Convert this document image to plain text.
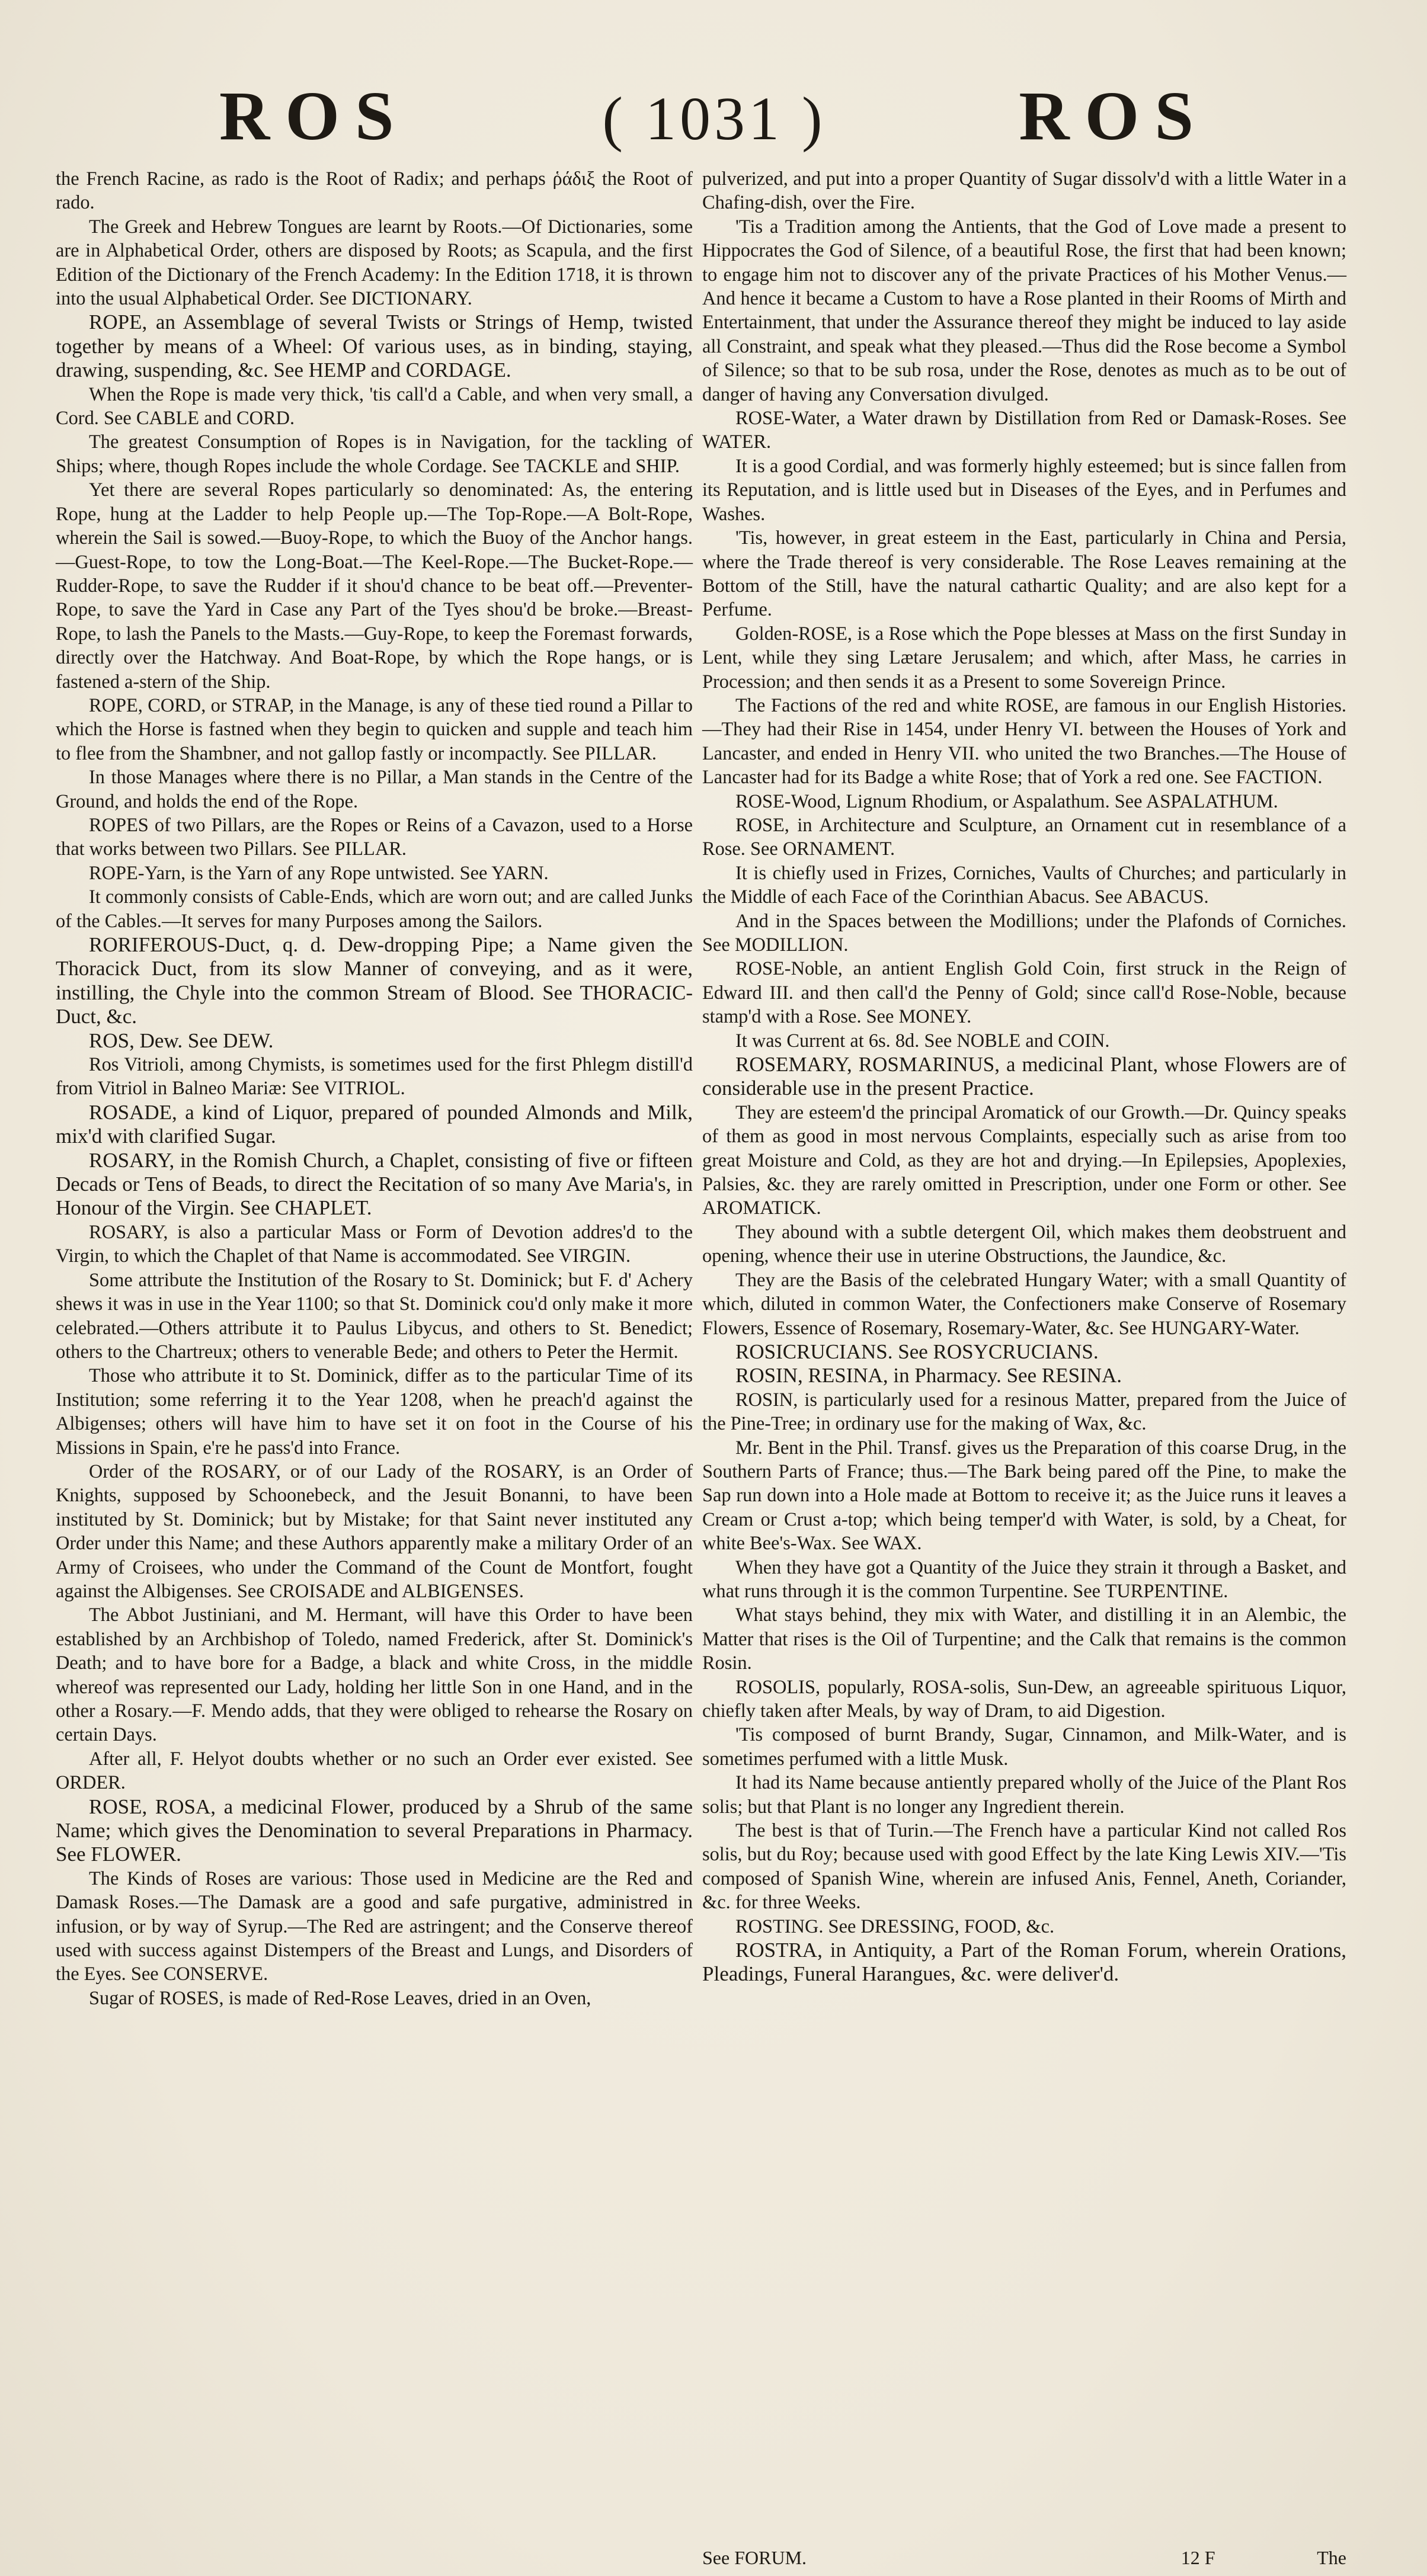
ROS	( 1031 )	ROS

the French Racine, as rado is the Root of Radix; and perhaps ῥάδιξ the Root of rado.

The Greek and Hebrew Tongues are learnt by Roots.—Of Dictionaries, some are in Alphabetical Order, others are disposed by Roots; as Scapula, and the first Edition of the Dictionary of the French Academy: In the Edition 1718, it is thrown into the usual Alphabetical Order. See DICTIONARY.

ROPE, an Assemblage of several Twists or Strings of Hemp, twisted together by means of a Wheel: Of various uses, as in binding, staying, drawing, suspending, &c. See HEMP and CORDAGE.

When the Rope is made very thick, 'tis call'd a Cable, and when very small, a Cord. See CABLE and CORD.

The greatest Consumption of Ropes is in Navigation, for the tackling of Ships; where, though Ropes include the whole Cordage. See TACKLE and SHIP.

Yet there are several Ropes particularly so denominated: As, the entering Rope, hung at the Ladder to help People up.—The Top-Rope.—A Bolt-Rope, wherein the Sail is sowed.—Buoy-Rope, to which the Buoy of the Anchor hangs.—Guest-Rope, to tow the Long-Boat.—The Keel-Rope.—The Bucket-Rope.—Rudder-Rope, to save the Rudder if it shou'd chance to be beat off.—Preventer-Rope, to save the Yard in Case any Part of the Tyes shou'd be broke.—Breast-Rope, to lash the Panels to the Masts.—Guy-Rope, to keep the Foremast forwards, directly over the Hatchway. And Boat-Rope, by which the Rope hangs, or is fastened a-stern of the Ship.

ROPE, CORD, or STRAP, in the Manage, is any of these tied round a Pillar to which the Horse is fastned when they begin to quicken and supple and teach him to flee from the Shambner, and not gallop fastly or incompactly. See PILLAR.

In those Manages where there is no Pillar, a Man stands in the Centre of the Ground, and holds the end of the Rope.

ROPES of two Pillars, are the Ropes or Reins of a Cavazon, used to a Horse that works between two Pillars. See PILLAR.

ROPE-Yarn, is the Yarn of any Rope untwisted. See YARN.

It commonly consists of Cable-Ends, which are worn out; and are called Junks of the Cables.—It serves for many Purposes among the Sailors.

RORIFEROUS-Duct, q. d. Dew-dropping Pipe; a Name given the Thoracick Duct, from its slow Manner of conveying, and as it were, instilling, the Chyle into the common Stream of Blood. See THORACIC-Duct, &c.

ROS, Dew. See DEW.

Ros Vitrioli, among Chymists, is sometimes used for the first Phlegm distill'd from Vitriol in Balneo Mariæ: See VITRIOL.

ROSADE, a kind of Liquor, prepared of pounded Almonds and Milk, mix'd with clarified Sugar.

ROSARY, in the Romish Church, a Chaplet, consisting of five or fifteen Decads or Tens of Beads, to direct the Recitation of so many Ave Maria's, in Honour of the Virgin. See CHAPLET.

ROSARY, is also a particular Mass or Form of Devotion addres'd to the Virgin, to which the Chaplet of that Name is accommodated. See VIRGIN.

Some attribute the Institution of the Rosary to St. Dominick; but F. d' Achery shews it was in use in the Year 1100; so that St. Dominick cou'd only make it more celebrated.—Others attribute it to Paulus Libycus, and others to St. Benedict; others to the Chartreux; others to venerable Bede; and others to Peter the Hermit.

Those who attribute it to St. Dominick, differ as to the particular Time of its Institution; some referring it to the Year 1208, when he preach'd against the Albigenses; others will have him to have set it on foot in the Course of his Missions in Spain, e're he pass'd into France.

Order of the ROSARY, or of our Lady of the ROSARY, is an Order of Knights, supposed by Schoonebeck, and the Jesuit Bonanni, to have been instituted by St. Dominick; but by Mistake; for that Saint never instituted any Order under this Name; and these Authors apparently make a military Order of an Army of Croisees, who under the Command of the Count de Montfort, fought against the Albigenses. See CROISADE and ALBIGENSES.

The Abbot Justiniani, and M. Hermant, will have this Order to have been established by an Archbishop of Toledo, named Frederick, after St. Dominick's Death; and to have bore for a Badge, a black and white Cross, in the middle whereof was represented our Lady, holding her little Son in one Hand, and in the other a Rosary.—F. Mendo adds, that they were obliged to rehearse the Rosary on certain Days.

After all, F. Helyot doubts whether or no such an Order ever existed. See ORDER.

ROSE, ROSA, a medicinal Flower, produced by a Shrub of the same Name; which gives the Denomination to several Preparations in Pharmacy. See FLOWER.

The Kinds of Roses are various: Those used in Medicine are the Red and Damask Roses.—The Damask are a good and safe purgative, administred in infusion, or by way of Syrup.—The Red are astringent; and the Conserve thereof used with success against Distempers of the Breast and Lungs, and Disorders of the Eyes. See CONSERVE.

Sugar of ROSES, is made of Red-Rose Leaves, dried in an Oven,

pulverized, and put into a proper Quantity of Sugar dissolv'd with a little Water in a Chafing-dish, over the Fire.

'Tis a Tradition among the Antients, that the God of Love made a present to Hippocrates the God of Silence, of a beautiful Rose, the first that had been known; to engage him not to discover any of the private Practices of his Mother Venus.—And hence it became a Custom to have a Rose planted in their Rooms of Mirth and Entertainment, that under the Assurance thereof they might be induced to lay aside all Constraint, and speak what they pleased.—Thus did the Rose become a Symbol of Silence; so that to be sub rosa, under the Rose, denotes as much as to be out of danger of having any Conversation divulged.

ROSE-Water, a Water drawn by Distillation from Red or Damask-Roses. See WATER.

It is a good Cordial, and was formerly highly esteemed; but is since fallen from its Reputation, and is little used but in Diseases of the Eyes, and in Perfumes and Washes.

'Tis, however, in great esteem in the East, particularly in China and Persia, where the Trade thereof is very considerable. The Rose Leaves remaining at the Bottom of the Still, have the natural cathartic Quality; and are also kept for a Perfume.

Golden-ROSE, is a Rose which the Pope blesses at Mass on the first Sunday in Lent, while they sing Lætare Jerusalem; and which, after Mass, he carries in Procession; and then sends it as a Present to some Sovereign Prince.

The Factions of the red and white ROSE, are famous in our English Histories.—They had their Rise in 1454, under Henry VI. between the Houses of York and Lancaster, and ended in Henry VII. who united the two Branches.—The House of Lancaster had for its Badge a white Rose; that of York a red one. See FACTION.

ROSE-Wood, Lignum Rhodium, or Aspalathum. See ASPALATHUM.

ROSE, in Architecture and Sculpture, an Ornament cut in resemblance of a Rose. See ORNAMENT.

It is chiefly used in Frizes, Corniches, Vaults of Churches; and particularly in the Middle of each Face of the Corinthian Abacus. See ABACUS.

And in the Spaces between the Modillions; under the Plafonds of Corniches. See MODILLION.

ROSE-Noble, an antient English Gold Coin, first struck in the Reign of Edward III. and then call'd the Penny of Gold; since call'd Rose-Noble, because stamp'd with a Rose. See MONEY.

It was Current at 6s. 8d. See NOBLE and COIN.

ROSEMARY, ROSMARINUS, a medicinal Plant, whose Flowers are of considerable use in the present Practice.

They are esteem'd the principal Aromatick of our Growth.—Dr. Quincy speaks of them as good in most nervous Complaints, especially such as arise from too great Moisture and Cold, as they are hot and drying.—In Epilepsies, Apoplexies, Palsies, &c. they are rarely omitted in Prescription, under one Form or other. See AROMATICK.

They abound with a subtle detergent Oil, which makes them deobstruent and opening, whence their use in uterine Obstructions, the Jaundice, &c.

They are the Basis of the celebrated Hungary Water; with a small Quantity of which, diluted in common Water, the Confectioners make Conserve of Rosemary Flowers, Essence of Rosemary, Rosemary-Water, &c. See HUNGARY-Water.

ROSICRUCIANS. See ROSYCRUCIANS.

ROSIN, RESINA, in Pharmacy. See RESINA.

ROSIN, is particularly used for a resinous Matter, prepared from the Juice of the Pine-Tree; in ordinary use for the making of Wax, &c.

Mr. Bent in the Phil. Transf. gives us the Preparation of this coarse Drug, in the Southern Parts of France; thus.—The Bark being pared off the Pine, to make the Sap run down into a Hole made at Bottom to receive it; as the Juice runs it leaves a Cream or Crust a-top; which being temper'd with Water, is sold, by a Cheat, for white Bee's-Wax. See WAX.

When they have got a Quantity of the Juice they strain it through a Basket, and what runs through it is the common Turpentine. See TURPENTINE.

What stays behind, they mix with Water, and distilling it in an Alembic, the Matter that rises is the Oil of Turpentine; and the Calk that remains is the common Rosin.

ROSOLIS, popularly, ROSA-solis, Sun-Dew, an agreeable spirituous Liquor, chiefly taken after Meals, by way of Dram, to aid Digestion.

'Tis composed of burnt Brandy, Sugar, Cinnamon, and Milk-Water, and is sometimes perfumed with a little Musk.

It had its Name because antiently prepared wholly of the Juice of the Plant Ros solis; but that Plant is no longer any Ingredient therein.

The best is that of Turin.—The French have a particular Kind not called Ros solis, but du Roy; because used with good Effect by the late King Lewis XIV.—'Tis composed of Spanish Wine, wherein are infused Anis, Fennel, Aneth, Coriander, &c. for three Weeks.

ROSTING. See DRESSING, FOOD, &c.

ROSTRA, in Antiquity, a Part of the Roman Forum, wherein Orations, Pleadings, Funeral Harangues, &c. were deliver'd.

See FORUM.	12 F	The
